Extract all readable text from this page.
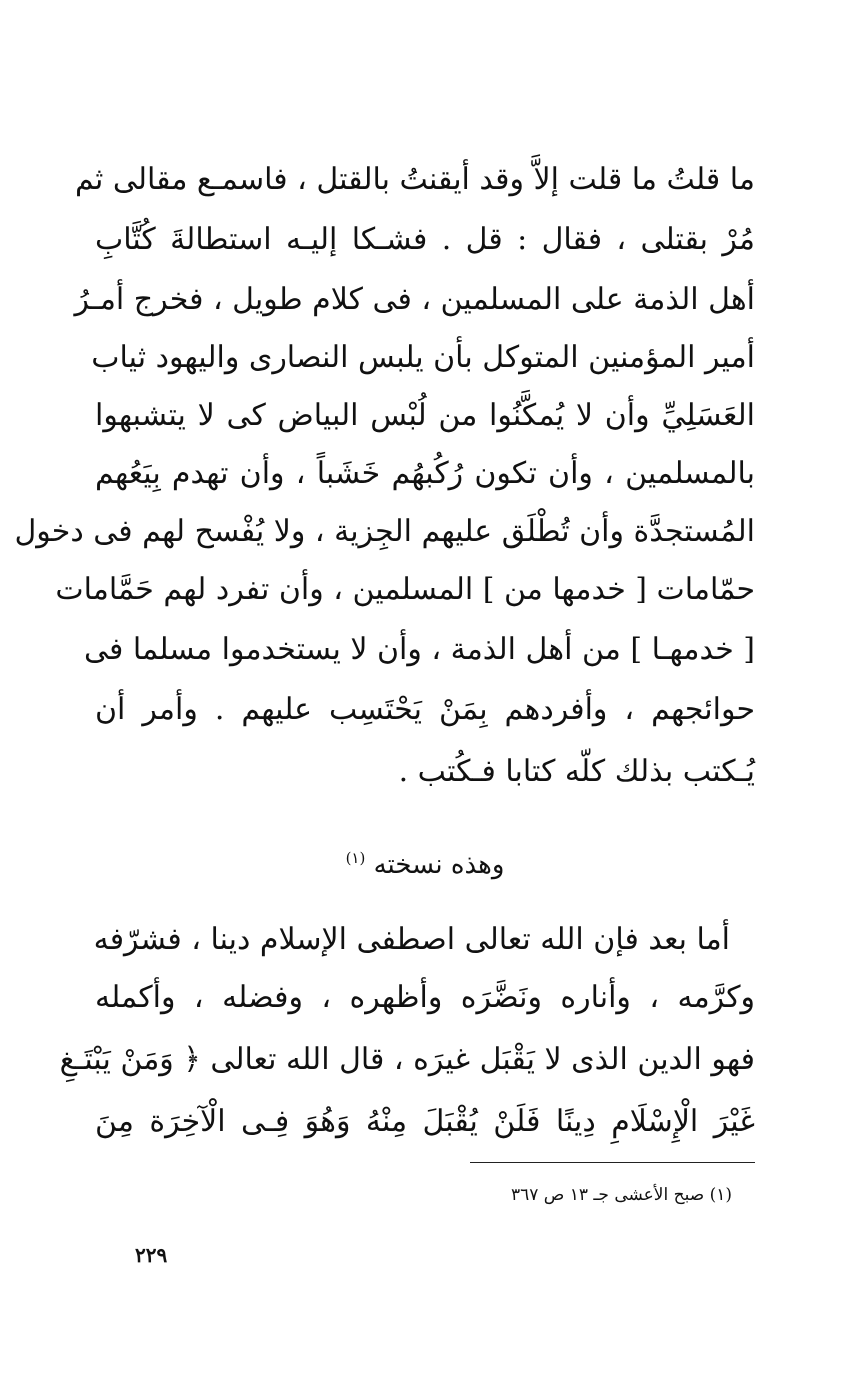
ما قلتُ ما قلت إلاَّ وقد أيقنتُ بالقتل ، فاسمـع مقالى ثم
مُرْ بقتلى ، فقال : قل . فشـكا إليـه استطالةَ كُتَّابِ
أهل الذمة على المسلمين ، فى كلام طويل ، فخرج أمـرُ
أمير المؤمنين المتوكل بأن يلبس النصارى واليهود ثياب
العَسَلِيِّ وأن لا يُمكَّنُوا من لُبْس البياض كى لا يتشبهوا
بالمسلمين ، وأن تكون رُكُبهُم خَشَباً ، وأن تهدم بِيَعُهم
المُستجدَّة وأن تُطْلَق عليهم الجِزية ، ولا يُفْسح لهم فى دخول
حمّامات [ خدمها من ] المسلمين ، وأن تفرد لهم حَمَّامات
[ خدمهـا ] من أهل الذمة ، وأن لا يستخدموا مسلما فى
حوائجهم ، وأفردهم بِمَنْ يَحْتَسِب عليهم . وأمر أن
يُـكتب بذلك كلّه كتابا فـكُتب .
وهذه نسخته $^{(١)}$
أما بعد فإن الله تعالى اصطفى الإسلام دينا ، فشرّفه
وكرَّمه ، وأناره ونَضَّرَه وأظهره ، وفضله ، وأكمله
فهو الدين الذى لا يَقْبَل غيرَه ، قال الله تعالى ﴿ وَمَنْ يَبْتَـغِ
غَيْرَ الْإِسْلَامِ دِينًا فَلَنْ يُقْبَلَ مِنْهُ وَهُوَ فِـى الْآخِرَة مِنَ
(١) صبح الأعشى جـ ١٣ ص ٣٦٧
٢٢٩
